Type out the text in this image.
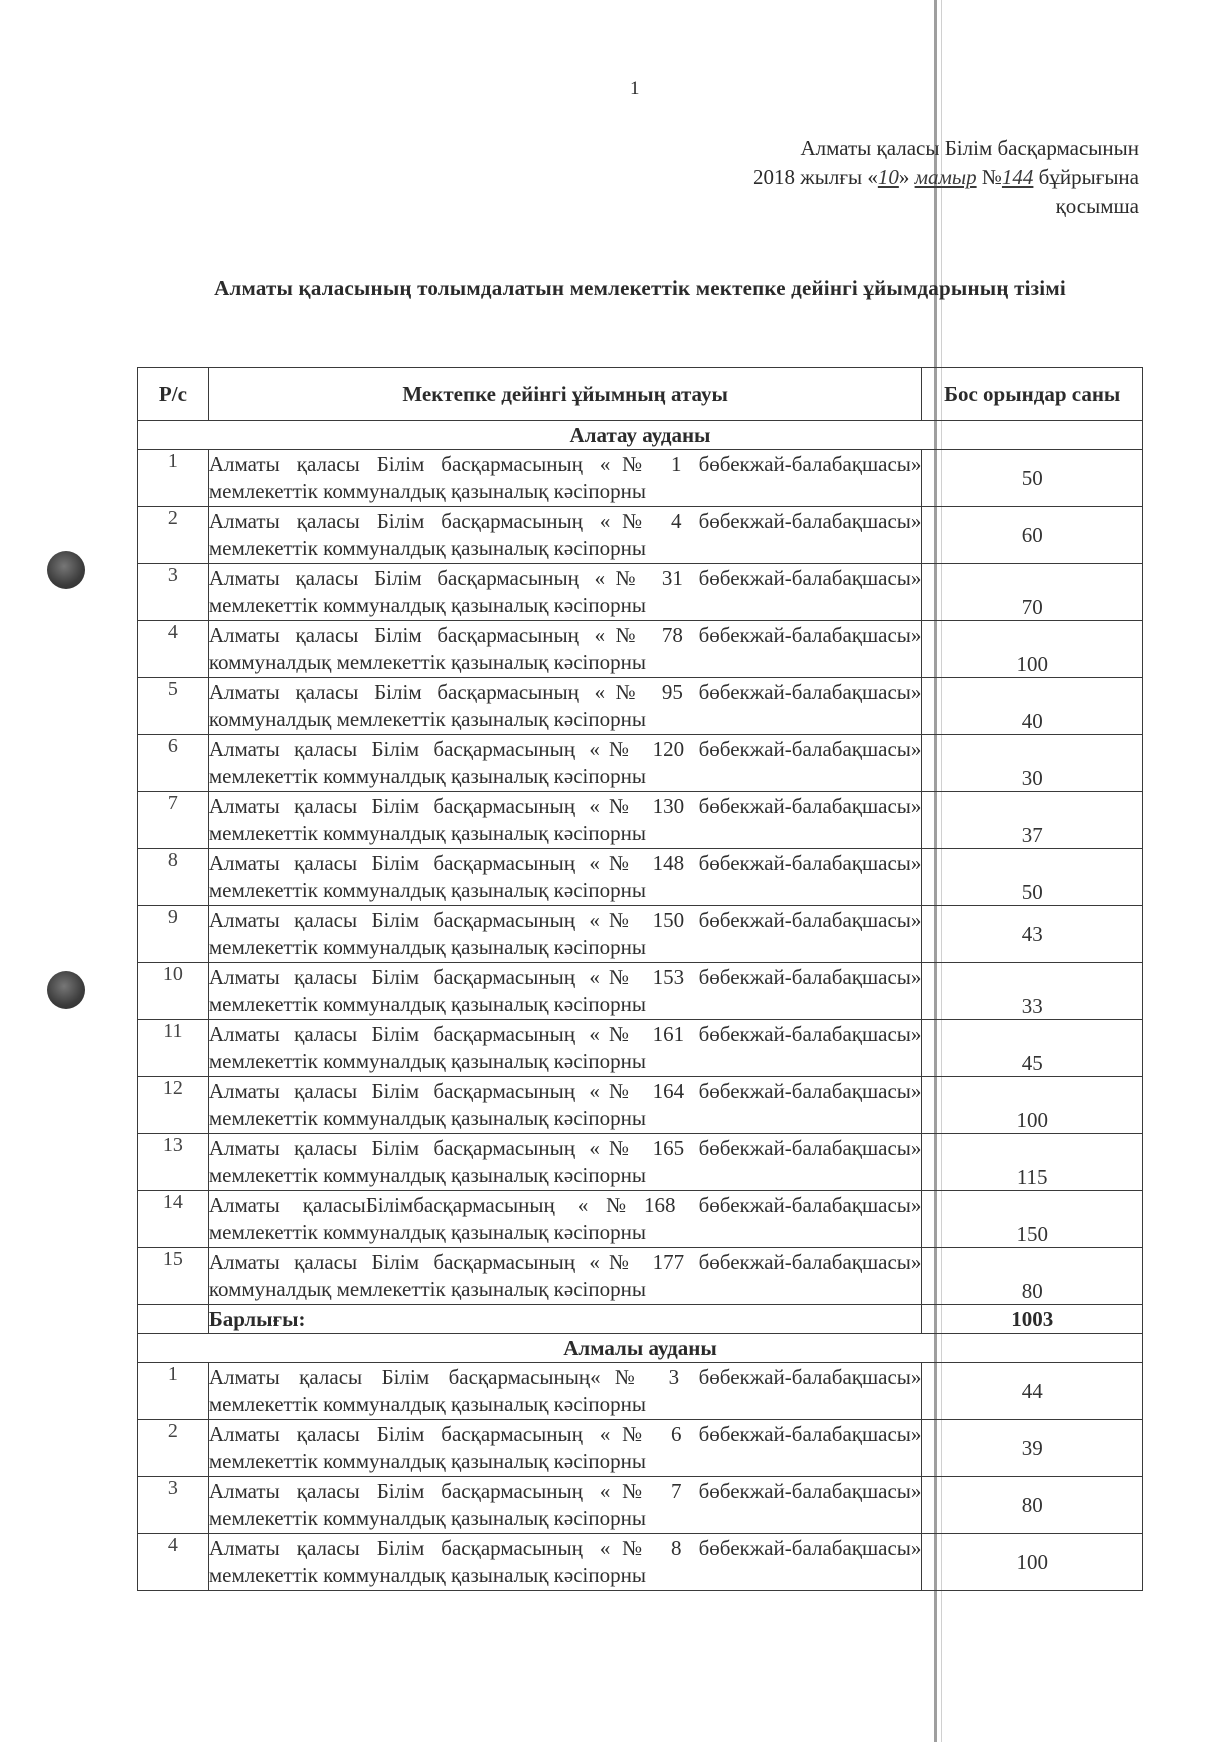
1
Алматы қаласы Білім басқармасынын
2018 жылғы «10» мамыр №144 бұйрығына
қосымша
Алматы қаласының толымдалатын мемлекеттік мектепке дейінгі ұйымдарының тізімі
Р/с	Мектепке дейінгі ұйымның атауы	Бос орындар саны
Алатау ауданы		
1	Алматы қаласы Білім басқармасының «№ 1 бөбекжай-балабақшасы» мемлекеттік коммуналдық қазыналық кәсіпорны	50
2	Алматы қаласы Білім басқармасының «№ 4 бөбекжай-балабақшасы» мемлекеттік коммуналдық қазыналық кәсіпорны	60
3	Алматы қаласы Білім басқармасының «№ 31 бөбекжай-балабақшасы» мемлекеттік коммуналдық қазыналық кәсіпорны	70
4	Алматы қаласы Білім басқармасының «№ 78 бөбекжай-балабақшасы» коммуналдық мемлекеттік қазыналық кәсіпорны	100
5	Алматы қаласы Білім басқармасының «№ 95 бөбекжай-балабақшасы» коммуналдық мемлекеттік қазыналық кәсіпорны	40
6	Алматы қаласы Білім басқармасының «№ 120 бөбекжай-балабақшасы» мемлекеттік коммуналдық қазыналық кәсіпорны	30
7	Алматы қаласы Білім басқармасының «№ 130 бөбекжай-балабақшасы» мемлекеттік коммуналдық қазыналық кәсіпорны	37
8	Алматы қаласы Білім басқармасының «№ 148 бөбекжай-балабақшасы» мемлекеттік коммуналдық қазыналық кәсіпорны	50
9	Алматы қаласы Білім басқармасының «№ 150 бөбекжай-балабақшасы» мемлекеттік коммуналдық қазыналық кәсіпорны	43
10	Алматы қаласы Білім басқармасының «№ 153 бөбекжай-балабақшасы» мемлекеттік коммуналдық қазыналық кәсіпорны	33
11	Алматы қаласы Білім басқармасының «№ 161 бөбекжай-балабақшасы» мемлекеттік коммуналдық қазыналық кәсіпорны	45
12	Алматы қаласы Білім басқармасының «№ 164 бөбекжай-балабақшасы» мемлекеттік коммуналдық қазыналық кәсіпорны	100
13	Алматы қаласы Білім басқармасының «№ 165 бөбекжай-балабақшасы» мемлекеттік коммуналдық қазыналық кәсіпорны	115
14	Алматы қаласыБілімбасқармасының «№168 бөбекжай-балабақшасы» мемлекеттік коммуналдық қазыналық кәсіпорны	150
15	Алматы қаласы Білім басқармасының «№ 177 бөбекжай-балабақшасы» коммуналдық мемлекеттік қазыналық кәсіпорны	80
	Барлығы:	1003
Алмалы ауданы		
1	Алматы қаласы Білім басқармасының«№ 3 бөбекжай-балабақшасы» мемлекеттік коммуналдық қазыналық кәсіпорны	44
2	Алматы қаласы Білім басқармасының «№ 6 бөбекжай-балабақшасы» мемлекеттік коммуналдық қазыналық кәсіпорны	39
3	Алматы қаласы Білім басқармасының «№ 7 бөбекжай-балабақшасы» мемлекеттік коммуналдық қазыналық кәсіпорны	80
4	Алматы қаласы Білім басқармасының «№ 8 бөбекжай-балабақшасы» мемлекеттік коммуналдық қазыналық кәсіпорны	100
